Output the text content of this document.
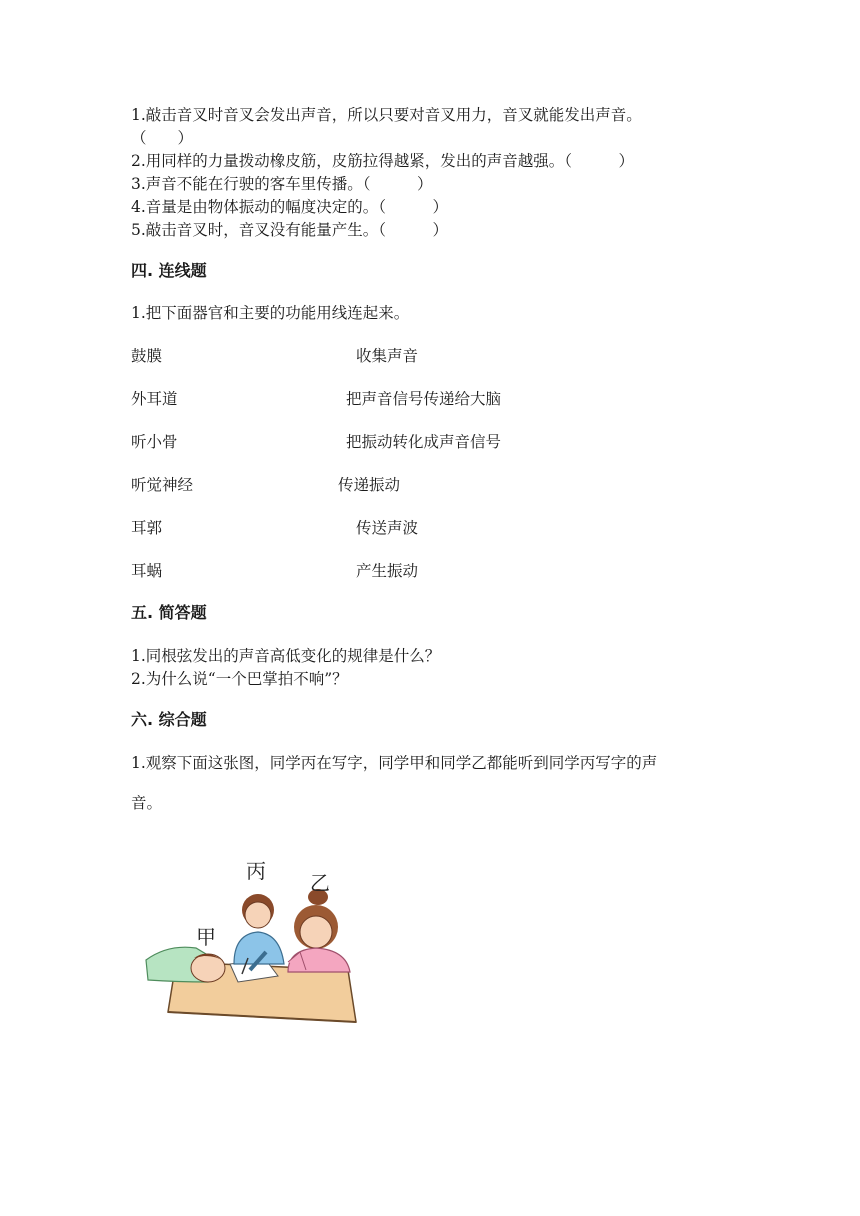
1.敲击音叉时音叉会发出声音，所以只要对音叉用力，音叉就能发出声音。
（　　）
2.用同样的力量拨动橡皮筋，皮筋拉得越紧，发出的声音越强。（　　　）
3.声音不能在行驶的客车里传播。（　　　）
4.音量是由物体振动的幅度决定的。（　　　）
5.敲击音叉时，音叉没有能量产生。（　　　）
四. 连线题
1.把下面器官和主要的功能用线连起来。
鼓膜
外耳道
听小骨
听觉神经
耳郭
耳蜗
收集声音
把声音信号传递给大脑
把振动转化成声音信号
传递振动
传送声波
产生振动
五. 简答题
1.同根弦发出的声音高低变化的规律是什么？
2.为什么说“一个巴掌拍不响”？
六. 综合题
1.观察下面这张图，同学丙在写字，同学甲和同学乙都能听到同学丙写字的声
音。
丙 乙
甲
